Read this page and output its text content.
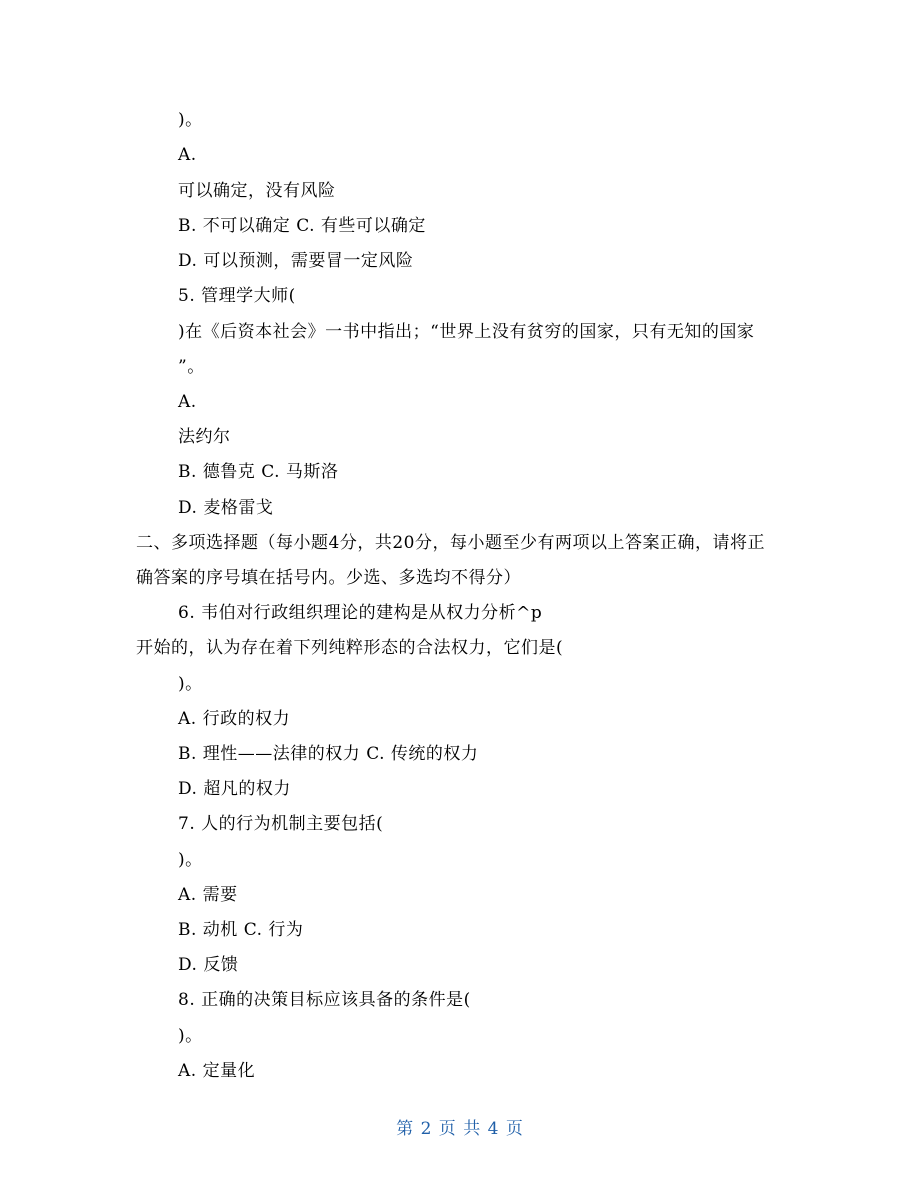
)。
A.
可以确定，没有风险
B. 不可以确定 C. 有些可以确定
D. 可以预测，需要冒一定风险
5. 管理学大师(
)在《后资本社会》一书中指出；“世界上没有贫穷的国家，只有无知的国家
”。
A.
法约尔
B. 德鲁克 C. 马斯洛
D. 麦格雷戈
二、多项选择题（每小题4分，共20分，每小题至少有两项以上答案正确，请将正
确答案的序号填在括号内。少选、多选均不得分）
6. 韦伯对行政组织理论的建构是从权力分析^p
开始的，认为存在着下列纯粹形态的合法权力，它们是(
)。
A. 行政的权力
B. 理性——法律的权力 C. 传统的权力
D. 超凡的权力
7. 人的行为机制主要包括(
)。
A. 需要
B. 动机 C. 行为
D. 反馈
8. 正确的决策目标应该具备的条件是(
)。
A. 定量化
第 2 页 共 4 页
